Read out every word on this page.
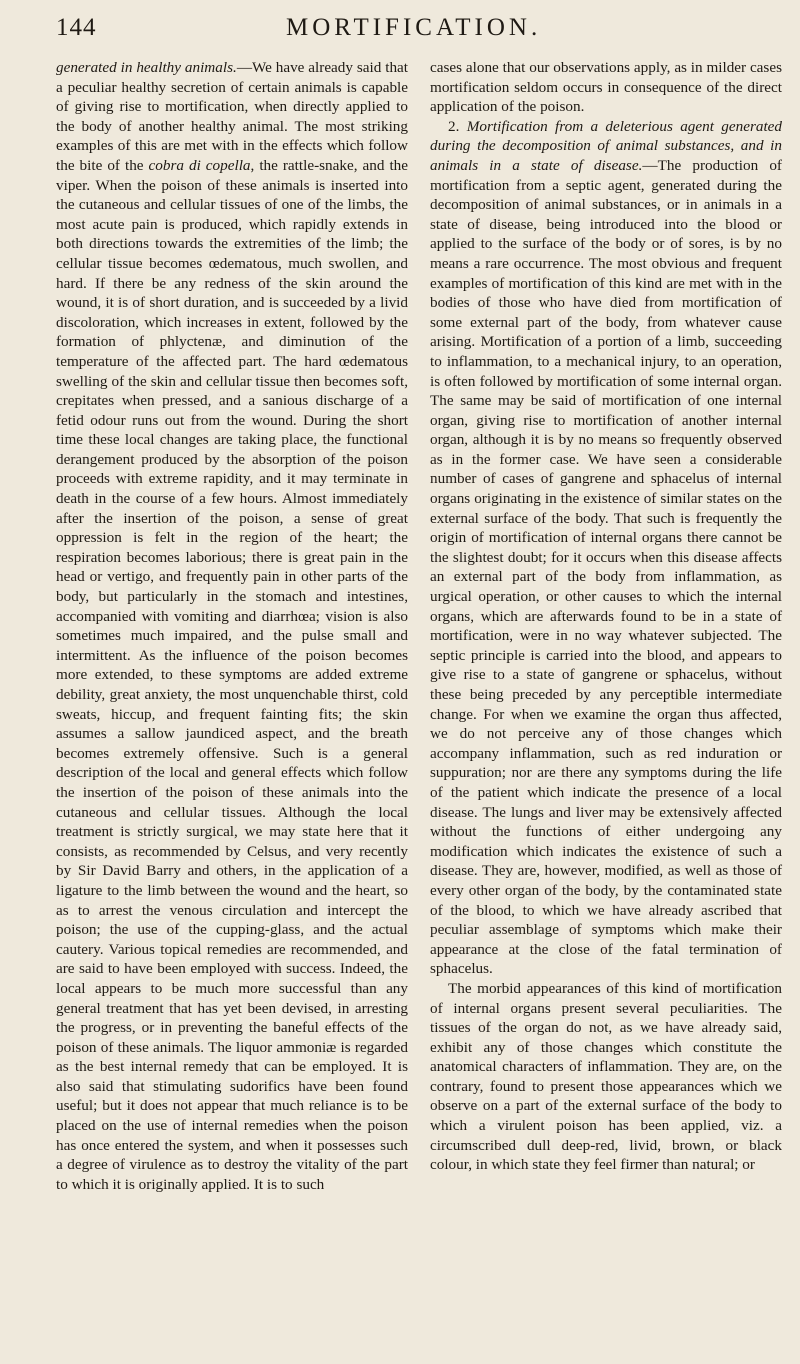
144	MORTIFICATION.

generated in healthy animals.—We have already said that a peculiar healthy secretion of certain animals is capable of giving rise to mortification, when directly applied to the body of another healthy animal. The most striking examples of this are met with in the effects which follow the bite of the cobra di copella, the rattle-snake, and the viper. When the poison of these animals is inserted into the cutaneous and cellular tissues of one of the limbs, the most acute pain is produced, which rapidly extends in both directions towards the extremities of the limb; the cellular tissue becomes œdematous, much swollen, and hard. If there be any redness of the skin around the wound, it is of short duration, and is succeeded by a livid discoloration, which increases in extent, followed by the formation of phlyctenæ, and diminution of the temperature of the affected part. The hard œdematous swelling of the skin and cellular tissue then becomes soft, crepitates when pressed, and a sanious discharge of a fetid odour runs out from the wound. During the short time these local changes are taking place, the functional derangement produced by the absorption of the poison proceeds with extreme rapidity, and it may terminate in death in the course of a few hours. Almost immediately after the insertion of the poison, a sense of great oppression is felt in the region of the heart; the respiration becomes laborious; there is great pain in the head or vertigo, and frequently pain in other parts of the body, but particularly in the stomach and intestines, accompanied with vomiting and diarrhœa; vision is also sometimes much impaired, and the pulse small and intermittent. As the influence of the poison becomes more extended, to these symptoms are added extreme debility, great anxiety, the most unquenchable thirst, cold sweats, hiccup, and frequent fainting fits; the skin assumes a sallow jaundiced aspect, and the breath becomes extremely offensive. Such is a general description of the local and general effects which follow the insertion of the poison of these animals into the cutaneous and cellular tissues. Although the local treatment is strictly surgical, we may state here that it consists, as recommended by Celsus, and very recently by Sir David Barry and others, in the application of a ligature to the limb between the wound and the heart, so as to arrest the venous circulation and intercept the poison; the use of the cupping-glass, and the actual cautery. Various topical remedies are recommended, and are said to have been employed with success. Indeed, the local appears to be much more successful than any general treatment that has yet been devised, in arresting the progress, or in preventing the baneful effects of the poison of these animals. The liquor ammoniæ is regarded as the best internal remedy that can be employed. It is also said that stimulating sudorifics have been found useful; but it does not appear that much reliance is to be placed on the use of internal remedies when the poison has once entered the system, and when it possesses such a degree of virulence as to destroy the vitality of the part to which it is originally applied. It is to such

cases alone that our observations apply, as in milder cases mortification seldom occurs in consequence of the direct application of the poison.

2. Mortification from a deleterious agent generated during the decomposition of animal substances, and in animals in a state of disease.—The production of mortification from a septic agent, generated during the decomposition of animal substances, or in animals in a state of disease, being introduced into the blood or applied to the surface of the body or of sores, is by no means a rare occurrence. The most obvious and frequent examples of mortification of this kind are met with in the bodies of those who have died from mortification of some external part of the body, from whatever cause arising. Mortification of a portion of a limb, succeeding to inflammation, to a mechanical injury, to an operation, is often followed by mortification of some internal organ. The same may be said of mortification of one internal organ, giving rise to mortification of another internal organ, although it is by no means so frequently observed as in the former case. We have seen a considerable number of cases of gangrene and sphacelus of internal organs originating in the existence of similar states on the external surface of the body. That such is frequently the origin of mortification of internal organs there cannot be the slightest doubt; for it occurs when this disease affects an external part of the body from inflammation, as urgical operation, or other causes to which the internal organs, which are afterwards found to be in a state of mortification, were in no way whatever subjected. The septic principle is carried into the blood, and appears to give rise to a state of gangrene or sphacelus, without these being preceded by any perceptible intermediate change. For when we examine the organ thus affected, we do not perceive any of those changes which accompany inflammation, such as red induration or suppuration; nor are there any symptoms during the life of the patient which indicate the presence of a local disease. The lungs and liver may be extensively affected without the functions of either undergoing any modification which indicates the existence of such a disease. They are, however, modified, as well as those of every other organ of the body, by the contaminated state of the blood, to which we have already ascribed that peculiar assemblage of symptoms which make their appearance at the close of the fatal termination of sphacelus.

The morbid appearances of this kind of mortification of internal organs present several peculiarities. The tissues of the organ do not, as we have already said, exhibit any of those changes which constitute the anatomical characters of inflammation. They are, on the contrary, found to present those appearances which we observe on a part of the external surface of the body to which a virulent poison has been applied, viz. a circumscribed dull deep-red, livid, brown, or black colour, in which state they feel firmer than natural; or
